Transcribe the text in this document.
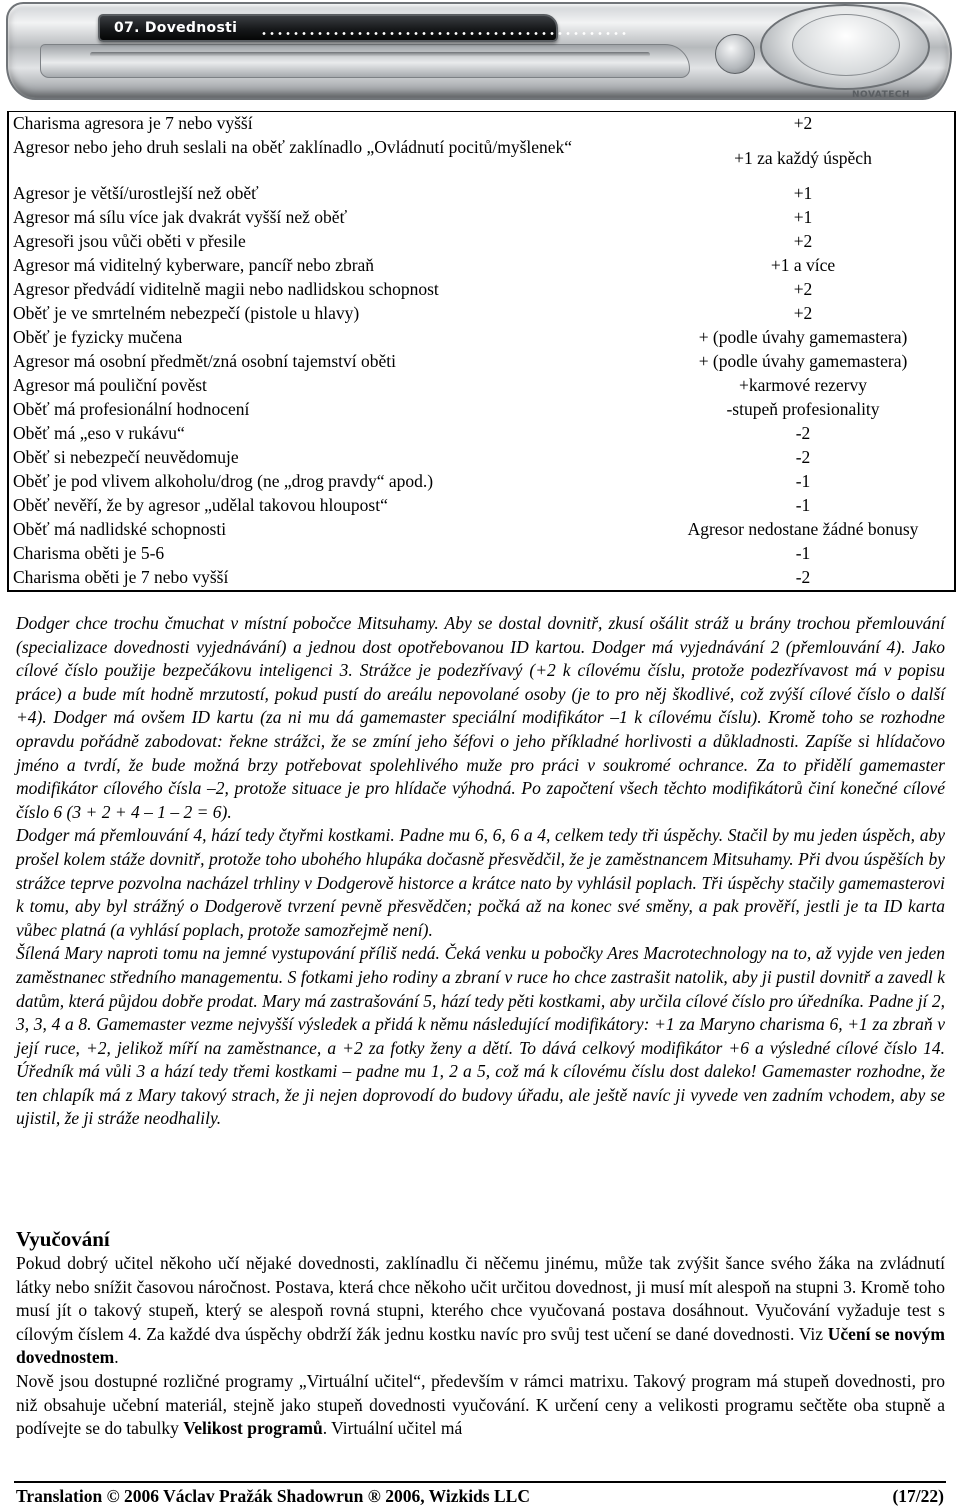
07. Dovednosti
NOVATECH
Charisma agresora je 7 nebo vyšší	+2
Agresor nebo jeho druh seslali na oběť zaklínadlo „Ovládnutí pocitů/myšlenek“
+1 za každý úspěch
Agresor je větší/urostlejší než oběť	+1
Agresor má sílu více jak dvakrát vyšší než oběť	+1
Agresoři jsou vůči oběti v přesile	+2
Agresor má viditelný kyberware, pancíř nebo zbraň	+1 a více
Agresor předvádí viditelně magii nebo nadlidskou schopnost	+2
Oběť je ve smrtelném nebezpečí (pistole u hlavy)	+2
Oběť je fyzicky mučena	+ (podle úvahy gamemastera)
Agresor má osobní předmět/zná osobní tajemství oběti	+ (podle úvahy gamemastera)
Agresor má pouliční pověst	+karmové rezervy
Oběť má profesionální hodnocení	-stupeň profesionality
Oběť má „eso v rukávu“	-2
Oběť si nebezpečí neuvědomuje	-2
Oběť je pod vlivem alkoholu/drog (ne „drog pravdy“ apod.)	-1
Oběť nevěří, že by agresor „udělal takovou hloupost“	-1
Oběť má nadlidské schopnosti	Agresor nedostane žádné bonusy
Charisma oběti je 5-6	-1
Charisma oběti je 7 nebo vyšší	-2

Dodger chce trochu čmuchat v místní pobočce Mitsuhamy. Aby se dostal dovnitř, zkusí ošálit stráž u brány trochou přemlouvání (specializace dovednosti vyjednávání) a jednou dost opotřebovanou ID kartou. Dodger má vyjednávání 2 (přemlouvání 4). Jako cílové číslo použije bezpečákovu inteligenci 3. Strážce je podezřívavý (+2 k cílovému číslu, protože podezřívavost má v popisu práce) a bude mít hodně mrzutostí, pokud pustí do areálu nepovolané osoby (je to pro něj škodlivé, což zvýší cílové číslo o další +4). Dodger má ovšem ID kartu (za ni mu dá gamemaster speciální modifikátor –1 k cílovému číslu). Kromě toho se rozhodne opravdu pořádně zabodovat: řekne strážci, že se zmíní jeho šéfovi o jeho příkladné horlivosti a důkladnosti. Zapíše si hlídačovo jméno a tvrdí, že bude možná brzy potřebovat spolehlivého muže pro práci v soukromé ochrance. Za to přidělí gamemaster modifikátor cílového čísla –2, protože situace je pro hlídače výhodná. Po započtení všech těchto modifikátorů činí konečné cílové číslo 6 (3 + 2 + 4 – 1 – 2 = 6).

Dodger má přemlouvání 4, hází tedy čtyřmi kostkami. Padne mu 6, 6, 6 a 4, celkem tedy tři úspěchy. Stačil by mu jeden úspěch, aby prošel kolem stáže dovnitř, protože toho ubohého hlupáka dočasně přesvědčil, že je zaměstnancem Mitsuhamy. Při dvou úspěších by strážce teprve pozvolna nacházel trhliny v Dodgerově historce a krátce nato by vyhlásil poplach. Tři úspěchy stačily gamemasterovi k tomu, aby byl strážný o Dodgerově tvrzení pevně přesvědčen; počká až na konec své směny, a pak prověří, jestli je ta ID karta vůbec platná (a vyhlásí poplach, protože samozřejmě není).

Šílená Mary naproti tomu na jemné vystupování příliš nedá. Čeká venku u pobočky Ares Macrotechnology na to, až vyjde ven jeden zaměstnanec středního managementu. S fotkami jeho rodiny a zbraní v ruce ho chce zastrašit natolik, aby ji pustil dovnitř a zavedl k datům, která půjdou dobře prodat. Mary má zastrašování 5, hází tedy pěti kostkami, aby určila cílové číslo pro úředníka. Padne jí 2, 3, 3, 4 a 8. Gamemaster vezme nejvyšší výsledek a přidá k němu následující modifikátory: +1 za Maryno charisma 6, +1 za zbraň v její ruce, +2, jelikož míří na zaměstnance, a +2 za fotky ženy a dětí. To dává celkový modifikátor +6 a výsledné cílové číslo 14. Úředník má vůli 3 a hází tedy třemi kostkami – padne mu 1, 2 a 5, což má k cílovému číslu dost daleko! Gamemaster rozhodne, že ten chlapík má z Mary takový strach, že ji nejen doprovodí do budovy úřadu, ale ještě navíc ji vyvede ven zadním vchodem, aby se ujistil, že ji stráže neodhalily.

Vyučování

Pokud dobrý učitel někoho učí nějaké dovednosti, zaklínadlu či něčemu jinému, může tak zvýšit šance svého žáka na zvládnutí látky nebo snížit časovou náročnost. Postava, která chce někoho učit určitou dovednost, ji musí mít alespoň na stupni 3. Kromě toho musí jít o takový stupeň, který se alespoň rovná stupni, kterého chce vyučovaná postava dosáhnout. Vyučování vyžaduje test s cílovým číslem 4. Za každé dva úspěchy obdrží žák jednu kostku navíc pro svůj test učení se dané dovednosti. Viz Učení se novým dovednostem.

Nově jsou dostupné rozličné programy „Virtuální učitel“, především v rámci matrixu. Takový program má stupeň dovednosti, pro niž obsahuje učební materiál, stejně jako stupeň dovednosti vyučování. K určení ceny a velikosti programu sečtěte oba stupně a podívejte se do tabulky Velikost programů. Virtuální učitel má

Translation © 2006 Václav Pražák Shadowrun ® 2006, Wizkids LLC	(17/22)
